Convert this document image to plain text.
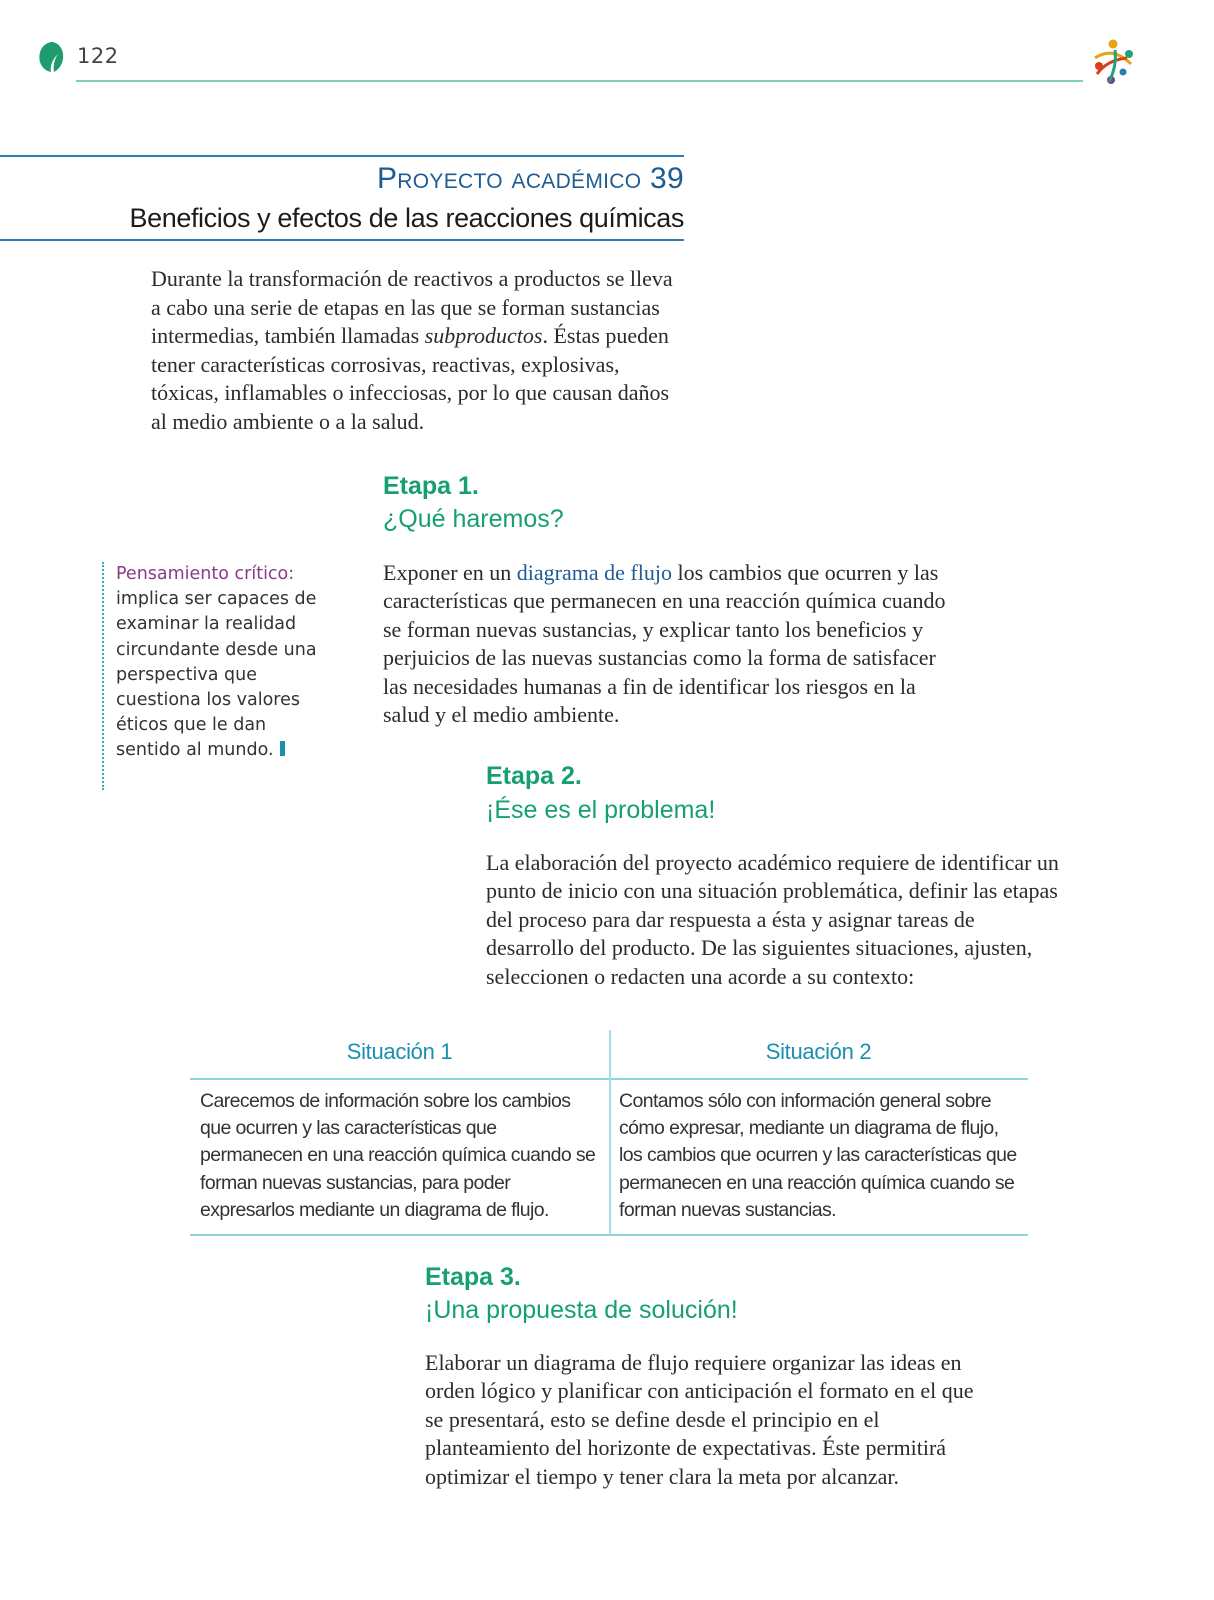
122
Proyecto académico 39
Beneficios y efectos de las reacciones químicas
Durante la transformación de reactivos a productos se lleva a cabo una serie de etapas en las que se forman sustancias intermedias, también llamadas subproductos. Éstas pueden tener características corrosivas, reactivas, explosivas, tóxicas, inflamables o infecciosas, por lo que causan daños al medio ambiente o a la salud.
Etapa 1.
¿Qué haremos?
Exponer en un diagrama de flujo los cambios que ocurren y las características que permanecen en una reacción química cuando se forman nuevas sustancias, y explicar tanto los beneficios y perjuicios de las nuevas sustancias como la forma de satisfacer las necesidades humanas a fin de identificar los riesgos en la salud y el medio ambiente.
Pensamiento crítico: implica ser capaces de examinar la realidad circundante desde una perspectiva que cuestiona los valores éticos que le dan sentido al mundo.
Etapa 2.
¡Ése es el problema!
La elaboración del proyecto académico requiere de identificar un punto de inicio con una situación problemática, definir las etapas del proceso para dar respuesta a ésta y asignar tareas de desarrollo del producto. De las siguientes situaciones, ajusten, seleccionen o redacten una acorde a su contexto:
Situación 1	Situación 2
Carecemos de información sobre los cambios que ocurren y las características que permanecen en una reacción química cuando se forman nuevas sustancias, para poder expresarlos mediante un diagrama de flujo.
Contamos sólo con información general sobre cómo expresar, mediante un diagrama de flujo, los cambios que ocurren y las características que permanecen en una reacción química cuando se forman nuevas sustancias.
Etapa 3.
¡Una propuesta de solución!
Elaborar un diagrama de flujo requiere organizar las ideas en orden lógico y planificar con anticipación el formato en el que se presentará, esto se define desde el principio en el planteamiento del horizonte de expectativas. Éste permitirá optimizar el tiempo y tener clara la meta por alcanzar.
